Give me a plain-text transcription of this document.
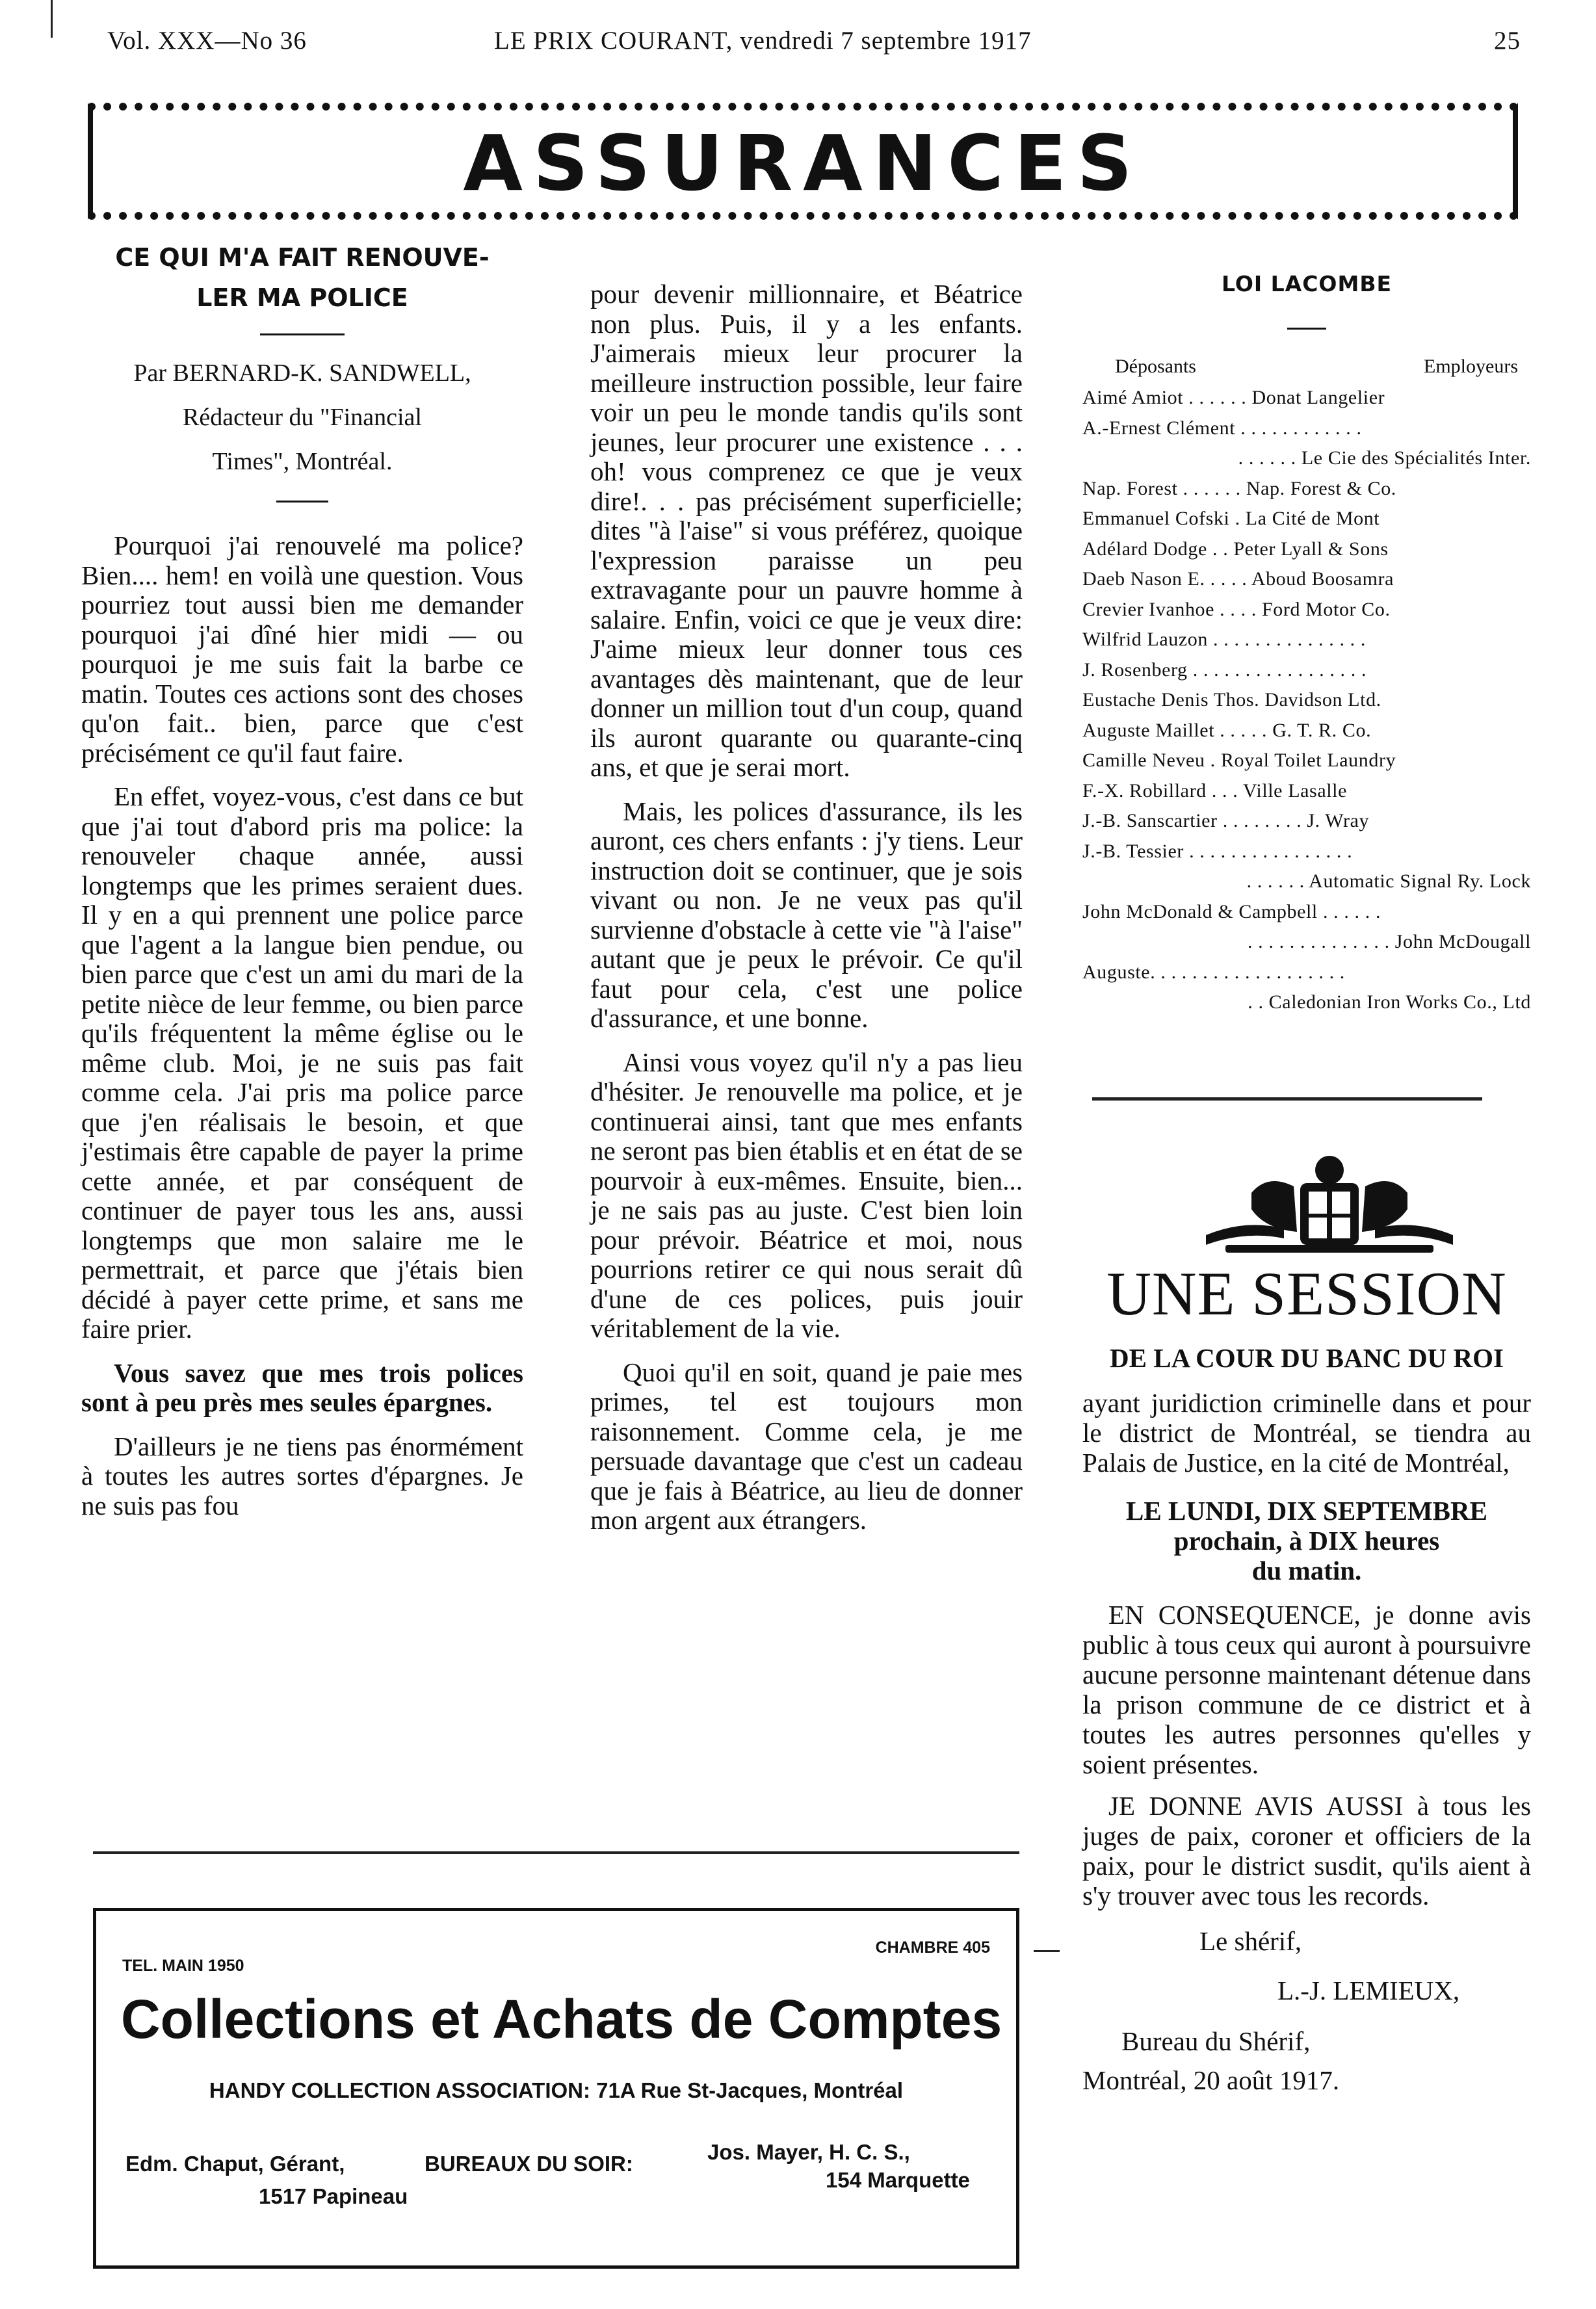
Vol. XXX—No 36	LE PRIX COURANT, vendredi 7 septembre 1917	25
ASSURANCES
CE QUI M'A FAIT RENOUVE-
LER MA POLICE
Par BERNARD-K. SANDWELL,
Rédacteur du "Financial
Times", Montréal.

Pourquoi j'ai renouvelé ma police? Bien.... hem! en voilà une question. Vous pourriez tout aussi bien me demander pourquoi j'ai dîné hier midi — ou pourquoi je me suis fait la barbe ce matin. Toutes ces actions sont des choses qu'on fait.. bien, parce que c'est précisément ce qu'il faut faire.

En effet, voyez-vous, c'est dans ce but que j'ai tout d'abord pris ma police: la renouveler chaque année, aussi longtemps que les primes seraient dues. Il y en a qui prennent une police parce que l'agent a la langue bien pendue, ou bien parce que c'est un ami du mari de la petite nièce de leur femme, ou bien parce qu'ils fréquentent la même église ou le même club. Moi, je ne suis pas fait comme cela. J'ai pris ma police parce que j'en réalisais le besoin, et que j'estimais être capable de payer la prime cette année, et par conséquent de continuer de payer tous les ans, aussi longtemps que mon salaire me le permettrait, et parce que j'étais bien décidé à payer cette prime, et sans me faire prier.

Vous savez que mes trois polices sont à peu près mes seules épargnes.

D'ailleurs je ne tiens pas énormément à toutes les autres sortes d'épargnes. Je ne suis pas fou

pour devenir millionnaire, et Béatrice non plus. Puis, il y a les enfants. J'aimerais mieux leur procurer la meilleure instruction possible, leur faire voir un peu le monde tandis qu'ils sont jeunes, leur procurer une existence . . . oh! vous comprenez ce que je veux dire!. . . pas précisément superficielle; dites "à l'aise" si vous préférez, quoique l'expression paraisse un peu extravagante pour un pauvre homme à salaire. Enfin, voici ce que je veux dire: J'aime mieux leur donner tous ces avantages dès maintenant, que de leur donner un million tout d'un coup, quand ils auront quarante ou quarante-cinq ans, et que je serai mort.

Mais, les polices d'assurance, ils les auront, ces chers enfants : j'y tiens. Leur instruction doit se continuer, que je sois vivant ou non. Je ne veux pas qu'il survienne d'obstacle à cette vie "à l'aise" autant que je peux le prévoir. Ce qu'il faut pour cela, c'est une police d'assurance, et une bonne.

Ainsi vous voyez qu'il n'y a pas lieu d'hésiter. Je renouvelle ma police, et je continuerai ainsi, tant que mes enfants ne seront pas bien établis et en état de se pourvoir à eux-mêmes. Ensuite, bien... je ne sais pas au juste. C'est bien loin pour prévoir. Béatrice et moi, nous pourrions retirer ce qui nous serait dû d'une de ces polices, puis jouir véritablement de la vie.

Quoi qu'il en soit, quand je paie mes primes, tel est toujours mon raisonnement. Comme cela, je me persuade davantage que c'est un cadeau que je fais à Béatrice, au lieu de donner mon argent aux étrangers.

LOI LACOMBE
Déposants	Employeurs
Aimé Amiot . . . . . . Donat Langelier
A.-Ernest Clément . . . . . . . . . . . .
. . . . . . Le Cie des Spécialités Inter.
Nap. Forest . . . . . . Nap. Forest & Co.
Emmanuel Cofski . La Cité de Mont
Adélard Dodge . . Peter Lyall & Sons
Daeb Nason E. . . . . Aboud Boosamra
Crevier Ivanhoe . . . . Ford Motor Co.
Wilfrid Lauzon . . . . . . . . . . . . . . .
J. Rosenberg . . . . . . . . . . . . . . . . .
Eustache Denis Thos. Davidson Ltd.
Auguste Maillet . . . . . G. T. R. Co.
Camille Neveu . Royal Toilet Laundry
F.-X. Robillard . . . Ville Lasalle
J.-B. Sanscartier . . . . . . . . J. Wray
J.-B. Tessier . . . . . . . . . . . . . . . .
. . . . . . Automatic Signal Ry. Lock
John McDonald & Campbell . . . . . .
. . . . . . . . . . . . . . John McDougall
Auguste. . . . . . . . . . . . . . . . . . .
. . Caledonian Iron Works Co., Ltd
UNE SESSION
DE LA COUR DU BANC DU ROI

ayant juridiction criminelle dans et pour le district de Montréal, se tiendra au Palais de Justice, en la cité de Montréal,

LE LUNDI, DIX SEPTEMBRE
prochain, à DIX heures
du matin.

EN CONSEQUENCE, je donne avis public à tous ceux qui auront à poursuivre aucune personne maintenant détenue dans la prison commune de ce district et à toutes les autres personnes qu'elles y soient présentes.

JE DONNE AVIS AUSSI à tous les juges de paix, coroner et officiers de la paix, pour le district susdit, qu'ils aient à s'y trouver avec tous les records.

Le shérif,
L.-J. LEMIEUX,
Bureau du Shérif,
Montréal, 20 août 1917.
TEL. MAIN 1950
CHAMBRE 405
Collections et Achats de Comptes
HANDY COLLECTION ASSOCIATION: 71A Rue St-Jacques, Montréal
Edm. Chaput, Gérant,
1517 Papineau
BUREAUX DU SOIR:	Jos. Mayer, H. C. S.,
154 Marquette
